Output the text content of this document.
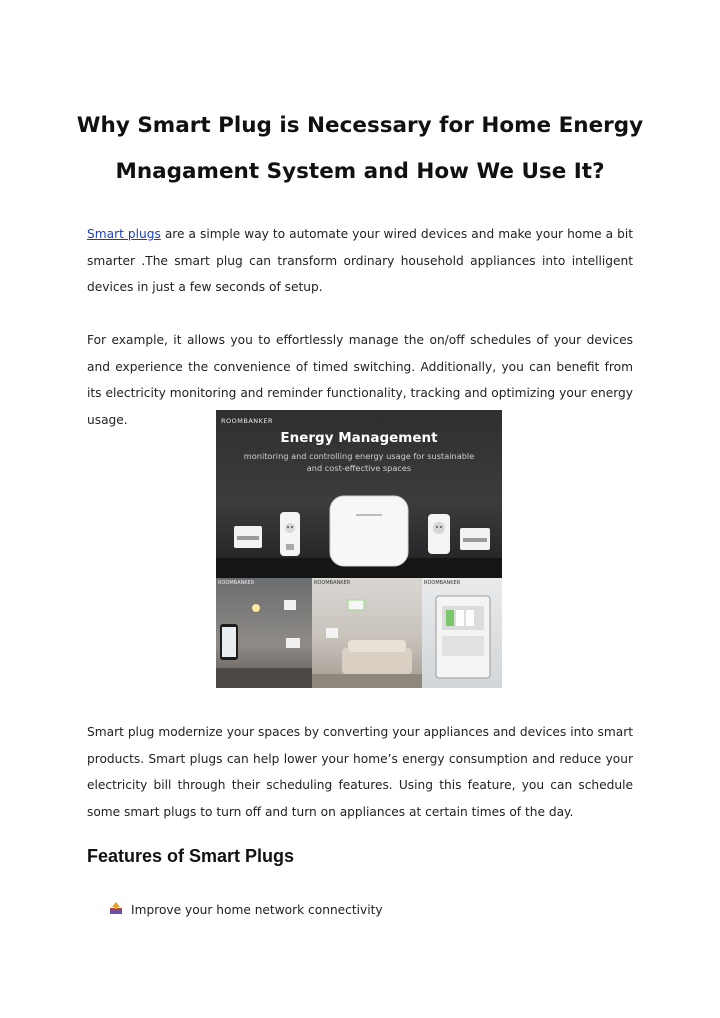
Why Smart Plug is Necessary for Home Energy
Mnagament System and How We Use It?
Smart plugs are a simple way to automate your wired devices and make your home a bit smarter .The smart plug can transform ordinary household appliances into intelligent devices in just a few seconds of setup.
For example, it allows you to effortlessly manage the on/off schedules of your devices and experience the convenience of timed switching. Additionally, you can benefit from its electricity monitoring and reminder functionality, tracking and optimizing your energy usage.	ROOMBANKER
Energy Management
monitoring and controlling energy usage for sustainable and cost-effective spaces
ROOMBANKER	ROOMBANKER	ROOMBANKER
Smart plug modernize your spaces by converting your appliances and devices into smart products. Smart plugs can help lower your home’s energy consumption and reduce your electricity bill through their scheduling features. Using this feature, you can schedule some smart plugs to turn off and turn on appliances at certain times of the day.
Features of Smart Plugs
Improve your home network connectivity
